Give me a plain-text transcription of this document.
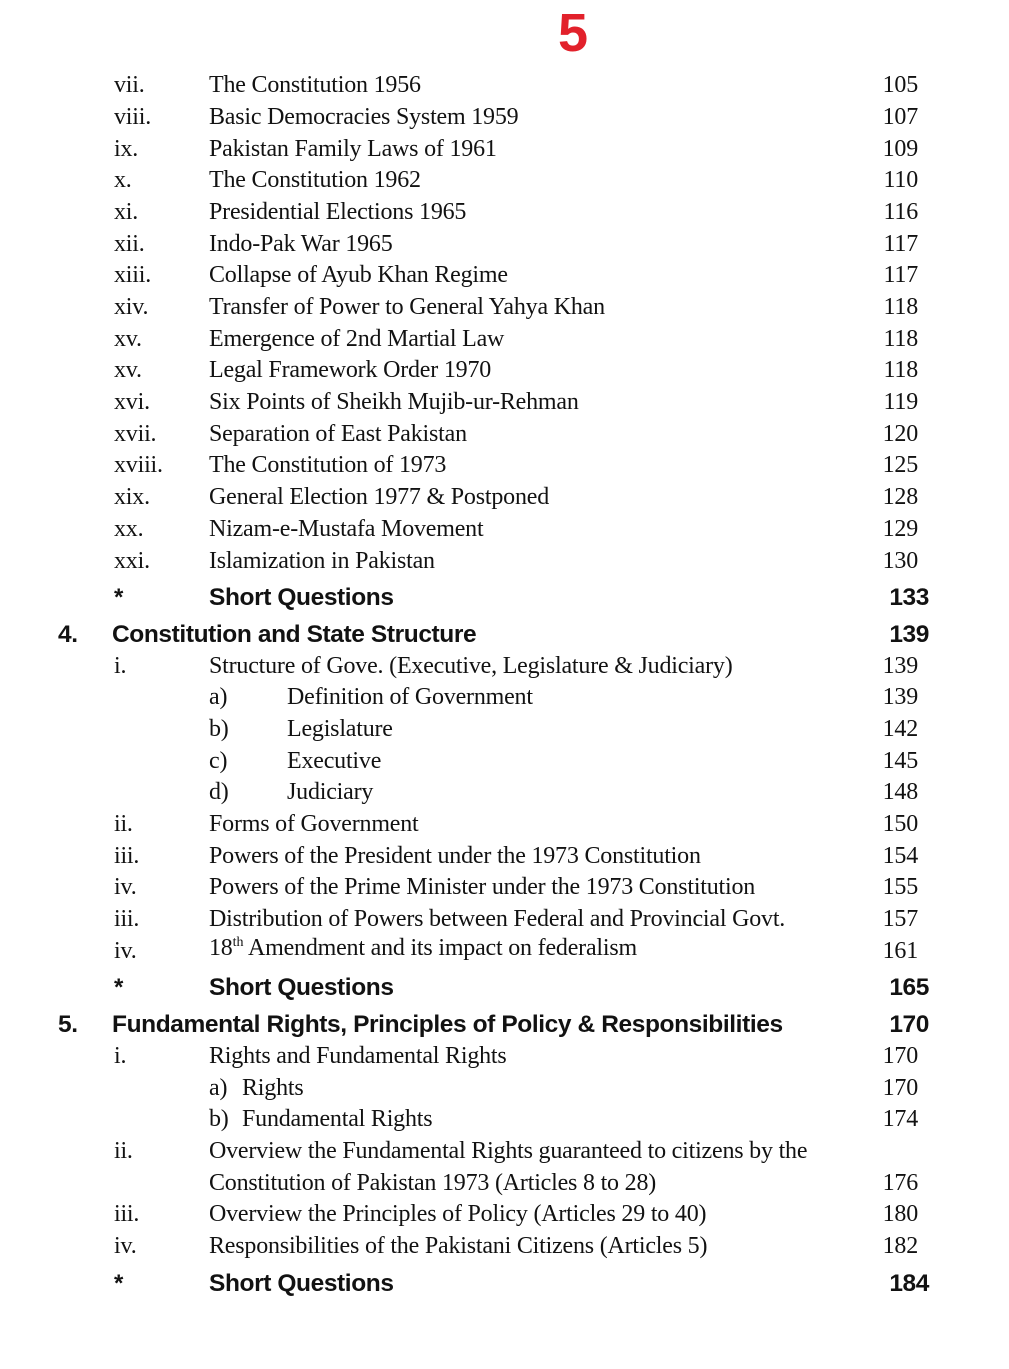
5
vii.	The Constitution 1956	105
viii. Basic Democracies System 1959	107
ix.	Pakistan Family Laws of 1961	109
x.	The Constitution 1962	110
xi.	Presidential Elections 1965	116
xii.	Indo-Pak War 1965	117
xiii. Collapse of Ayub Khan Regime	117
xiv.	Transfer of Power to General Yahya Khan	118
xv.	Emergence of 2nd Martial Law	118
xv.	Legal Framework Order 1970	118
xvi. Six Points of Sheikh Mujib-ur-Rehman	119
xvii. Separation of East Pakistan	120
xviii. The Constitution of 1973	125
xix. General Election 1977 & Postponed	128
xx.	Nizam-e-Mustafa Movement	129
xxi. Islamization in Pakistan	130
*	Short Questions	133
4. Constitution and State Structure	139
i.	Structure of Gove. (Executive, Legislature & Judiciary)	139
a) Definition of Government	139
b) Legislature	142
c) Executive	145
d) Judiciary	148
ii.	Forms of Government	150
iii.	Powers of the President under the 1973 Constitution	154
iv.	Powers of the Prime Minister under the 1973 Constitution	155
iii.	Distribution of Powers between Federal and Provincial Govt.	157
iv.	18th Amendment and its impact on federalism	161
*	Short Questions	165
5. Fundamental Rights, Principles of Policy & Responsibilities	170
i.	Rights and Fundamental Rights	170
a) Rights	170
b) Fundamental Rights	174
ii.	Overview the Fundamental Rights guaranteed to citizens by the
Constitution of Pakistan 1973 (Articles 8 to 28)	176
iii.	Overview the Principles of Policy (Articles 29 to 40)	180
iv.	Responsibilities of the Pakistani Citizens (Articles 5)	182
*	Short Questions	184
